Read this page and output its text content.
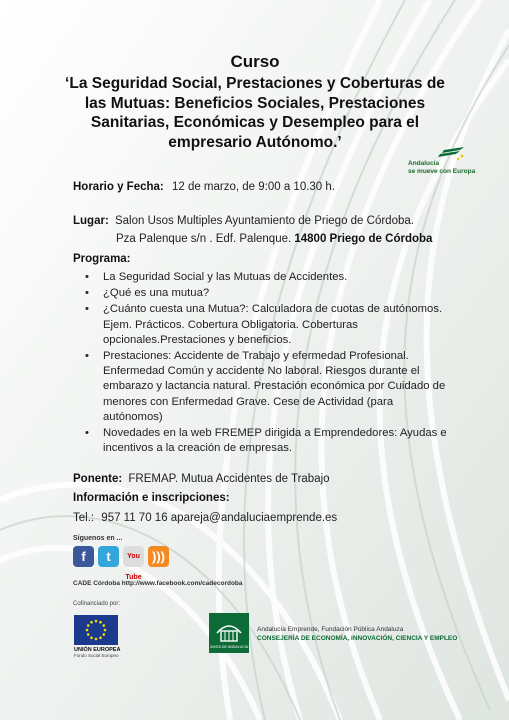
Curso
‘La Seguridad Social, Prestaciones y Coberturas de
las Mutuas: Beneficios Sociales, Prestaciones
Sanitarias, Económicas y Desempleo para el
empresario Autónomo.’
Andalucía
se mueve con Europa
Horario y Fecha: 12 de marzo, de 9:00 a 10.30 h.
Lugar: Salon Usos Multiples Ayuntamiento de Priego de Córdoba.
Pza Palenque s/n . Edf. Palenque. 14800 Priego de Córdoba
Programa:
• La Seguridad Social y las Mutuas de Accidentes.
• ¿Qué es una mutua?
• ¿Cuánto cuesta una Mutua?: Calculadora de cuotas de autónomos. Ejem. Prácticos. Cobertura Obligatoria. Coberturas opcionales.Prestaciones y beneficios.
• Prestaciones: Accidente de Trabajo y efermedad Profesional. Enfermedad Común y accidente No laboral. Riesgos durante el embarazo y lactancia natural. Prestación económica por Cuidado de menores con Enfermedad Grave. Cese de Actividad (para autónomos)
• Novedades en la web FREMEP dirigida a Emprendedores: Ayudas e incentivos a la creación de empresas.
Ponente: FREMAP. Mutua Accidentes de Trabajo
Información e inscripciones:
Tel.: 957 11 70 16 apareja@andaluciaemprende.es
Síguenos en ...
f	t	You Tube
)))
CADE Córdoba http://www.facebook.com/cadecordoba
Cofinanciado por:
UNIÓN EUROPEA
Fondo Social Europeo
JUNTA DE ANDALUCIA
Andalucía Emprende, Fundación Pública Andaluza
CONSEJERÍA DE ECONOMÍA, INNOVACIÓN, CIENCIA Y EMPLEO
